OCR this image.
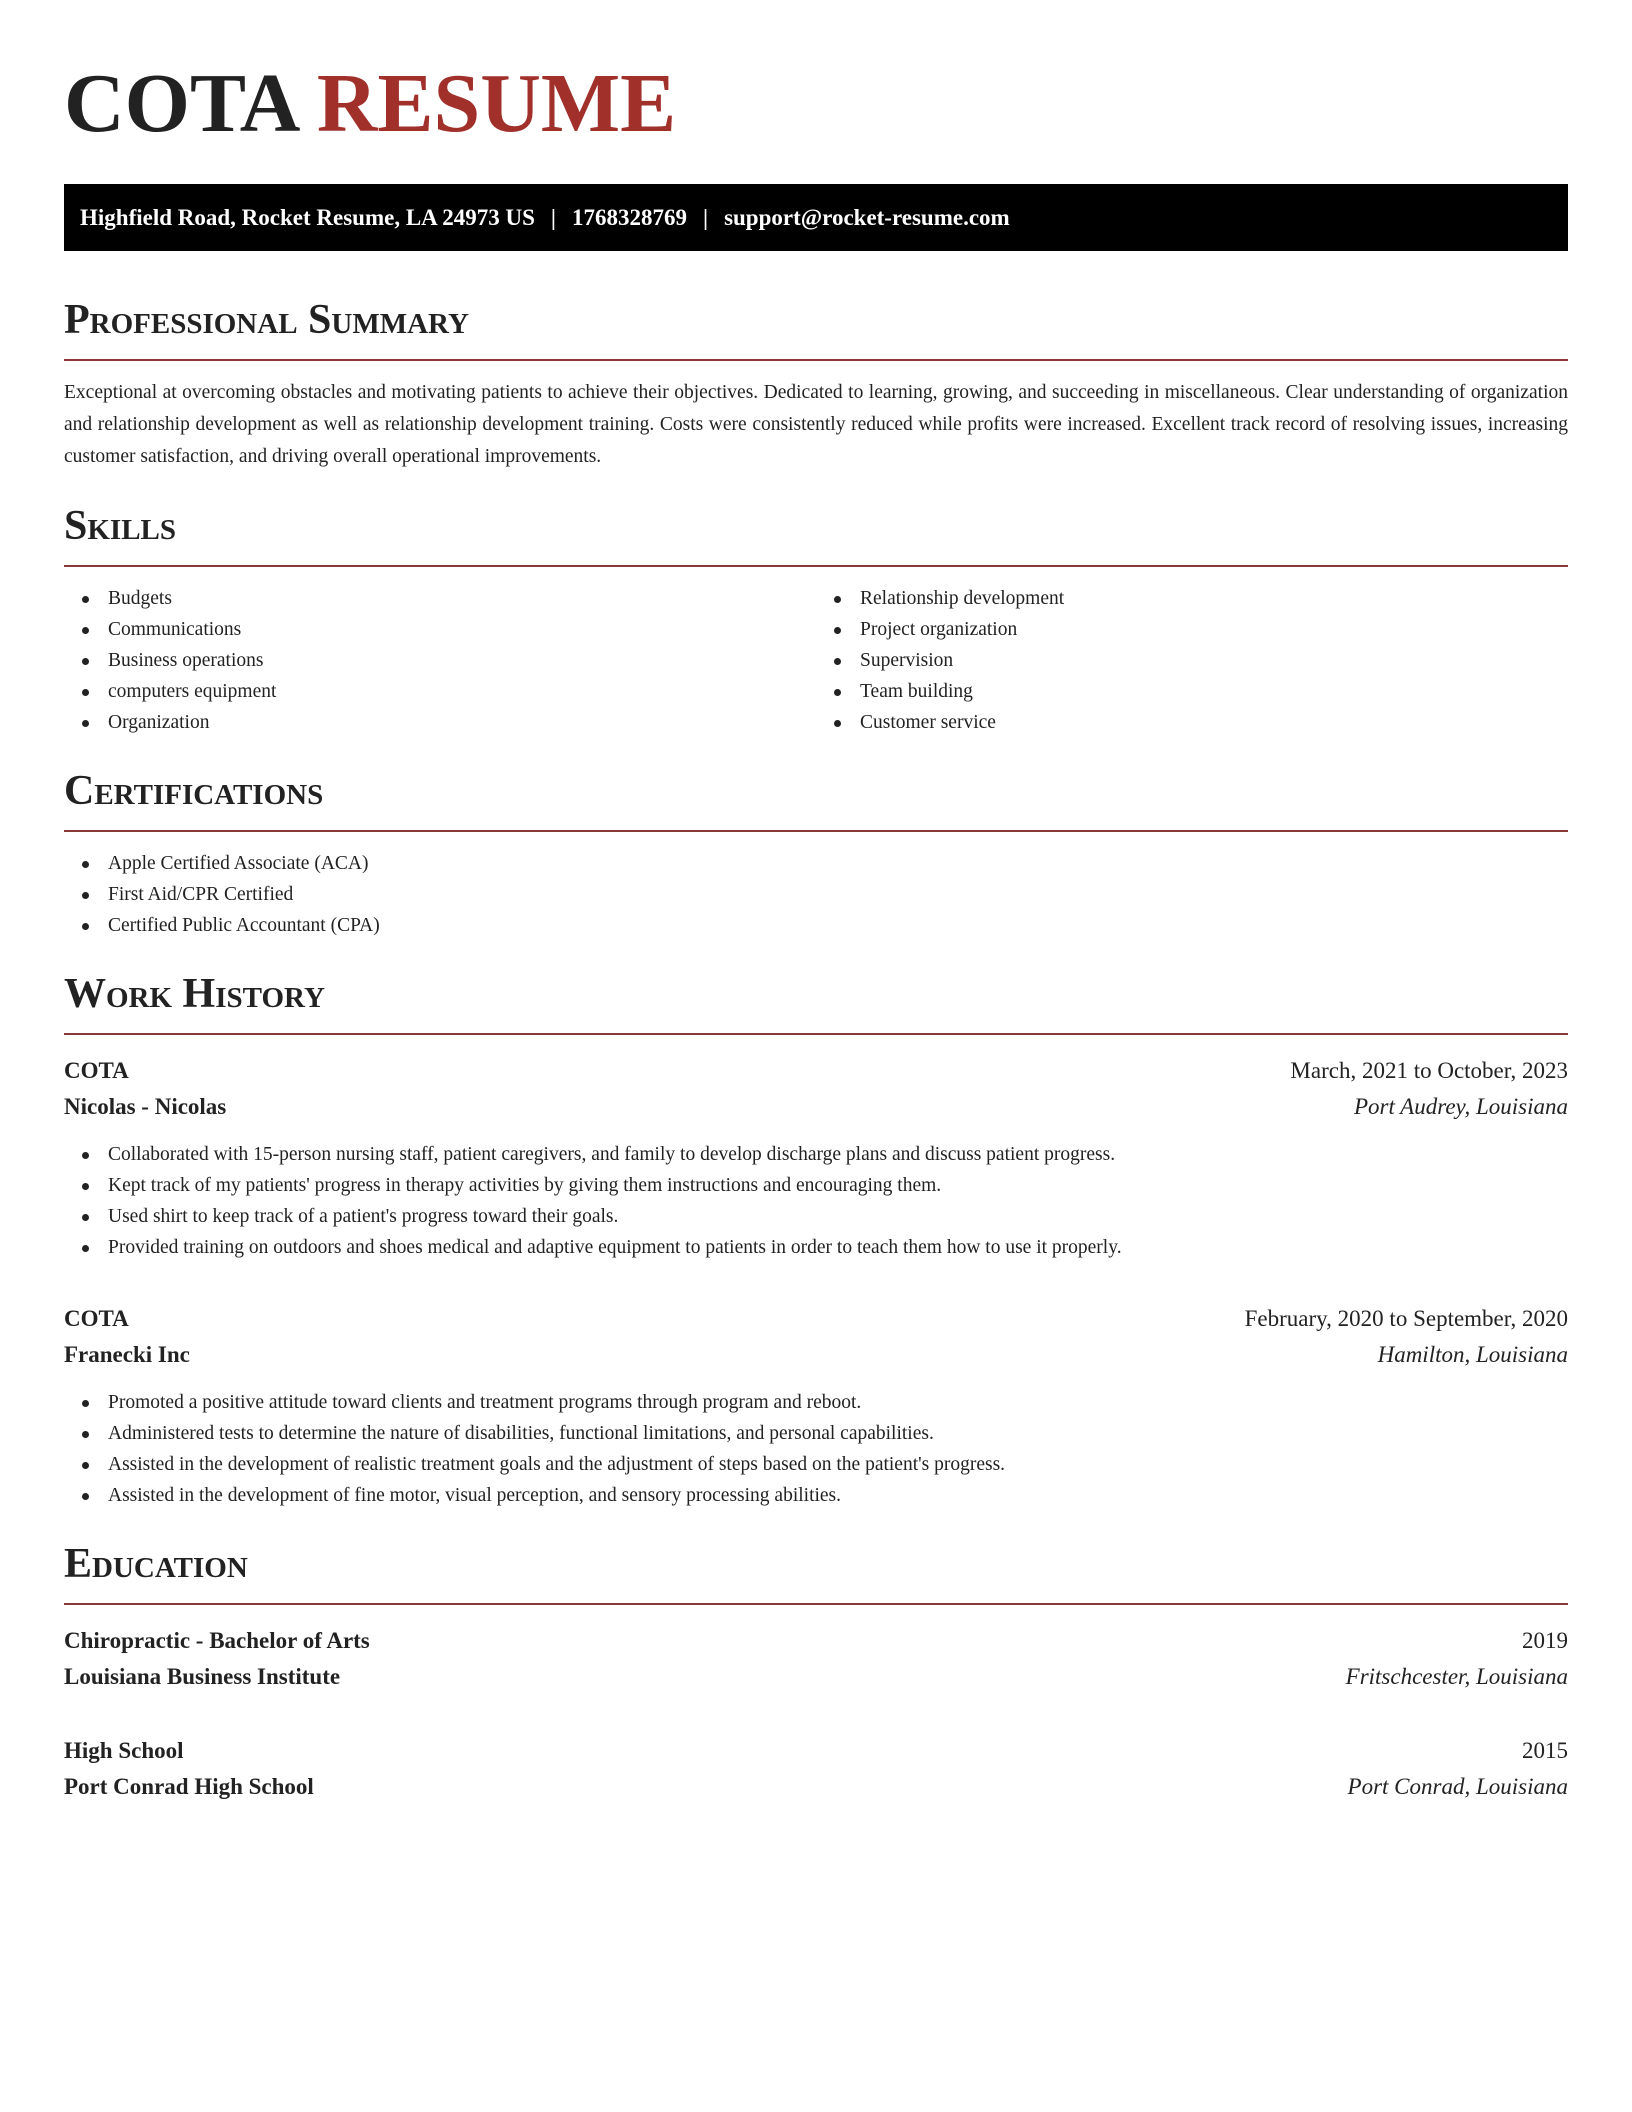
COTA RESUME
Highfield Road, Rocket Resume, LA 24973 US | 1768328769 | support@rocket-resume.com
Professional Summary

Exceptional at overcoming obstacles and motivating patients to achieve their objectives. Dedicated to learning, growing, and succeeding in miscellaneous. Clear understanding of organization and relationship development as well as relationship development training. Costs were consistently reduced while profits were increased. Excellent track record of resolving issues, increasing customer satisfaction, and driving overall operational improvements.

Skills
Budgets
Communications
Business operations
computers equipment
Organization
Relationship development
Project organization
Supervision
Team building
Customer service
Certifications
Apple Certified Associate (ACA)
First Aid/CPR Certified
Certified Public Accountant (CPA)
Work History
COTA	March, 2021 to October, 2023
Nicolas - Nicolas	Port Audrey, Louisiana
Collaborated with 15-person nursing staff, patient caregivers, and family to develop discharge plans and discuss patient progress.
Kept track of my patients' progress in therapy activities by giving them instructions and encouraging them.
Used shirt to keep track of a patient's progress toward their goals.
Provided training on outdoors and shoes medical and adaptive equipment to patients in order to teach them how to use it properly.
COTA	February, 2020 to September, 2020
Franecki Inc	Hamilton, Louisiana
Promoted a positive attitude toward clients and treatment programs through program and reboot.
Administered tests to determine the nature of disabilities, functional limitations, and personal capabilities.
Assisted in the development of realistic treatment goals and the adjustment of steps based on the patient's progress.
Assisted in the development of fine motor, visual perception, and sensory processing abilities.
Education
Chiropractic - Bachelor of Arts	2019
Louisiana Business Institute	Fritschcester, Louisiana
High School	2015
Port Conrad High School	Port Conrad, Louisiana
